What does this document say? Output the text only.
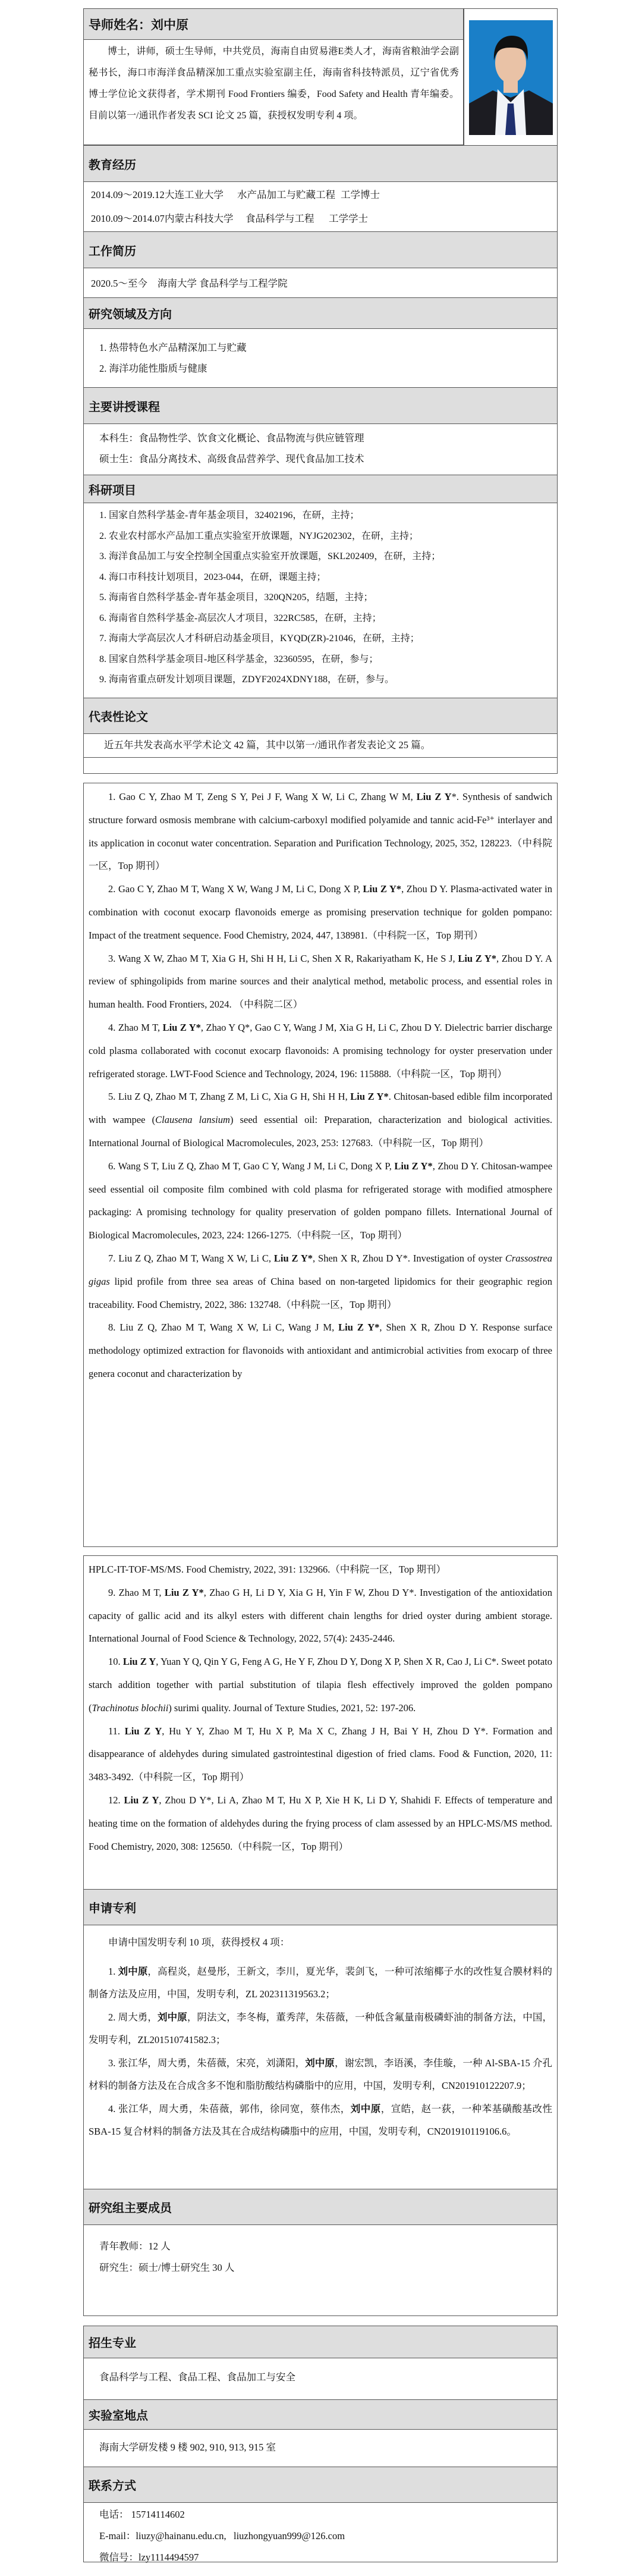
导师姓名：刘中原
博士，讲师，硕士生导师，中共党员，海南自由贸易港E类人才，海南省粮油学会副秘书长，海口市海洋食品精深加工重点实验室副主任，海南省科技特派员，辽宁省优秀博士学位论文获得者，学术期刊 Food Frontiers 编委，Food Safety and Health 青年编委。目前以第一/通讯作者发表 SCI 论文 25 篇，获授权发明专利 4 项。
教育经历
2014.09～2019.12 大连工业大学	水产品加工与贮藏工程 工学博士
2010.09～2014.07 内蒙古科技大学	食品科学与工程	工学学士
工作简历
2020.5～至今	海南大学 食品科学与工程学院
研究领域及方向
1. 热带特色水产品精深加工与贮藏
2. 海洋功能性脂质与健康
主要讲授课程
本科生：食品物性学、饮食文化概论、食品物流与供应链管理
硕士生：食品分离技术、高级食品营养学、现代食品加工技术
科研项目
1. 国家自然科学基金-青年基金项目，32402196，在研，主持；
2. 农业农村部水产品加工重点实验室开放课题，NYJG202302，在研，主持；
3. 海洋食品加工与安全控制全国重点实验室开放课题，SKL202409，在研，主持；
4. 海口市科技计划项目，2023-044，在研，课题主持；
5. 海南省自然科学基金-青年基金项目，320QN205，结题，主持；
6. 海南省自然科学基金-高层次人才项目，322RC585，在研，主持；
7. 海南大学高层次人才科研启动基金项目，KYQD(ZR)-21046，在研，主持；
8. 国家自然科学基金项目-地区科学基金，32360595，在研，参与；
9. 海南省重点研发计划项目课题，ZDYF2024XDNY188，在研，参与。
代表性论文
近五年共发表高水平学术论文 42 篇，其中以第一/通讯作者发表论文 25 篇。
1. Gao C Y, Zhao M T, Zeng S Y, Pei J F, Wang X W, Li C, Zhang W M, Liu Z Y*. Synthesis of sandwich structure forward osmosis membrane with calcium-carboxyl modified polyamide and tannic acid-Fe³⁺ interlayer and its application in coconut water concentration. Separation and Purification Technology, 2025, 352, 128223.（中科院一区，Top 期刊）
2. Gao C Y, Zhao M T, Wang X W, Wang J M, Li C, Dong X P, Liu Z Y*, Zhou D Y. Plasma-activated water in combination with coconut exocarp flavonoids emerge as promising preservation technique for golden pompano: Impact of the treatment sequence. Food Chemistry, 2024, 447, 138981.（中科院一区，Top 期刊）
3. Wang X W, Zhao M T, Xia G H, Shi H H, Li C, Shen X R, Rakariyatham K, He S J, Liu Z Y*, Zhou D Y. A review of sphingolipids from marine sources and their analytical method, metabolic process, and essential roles in human health. Food Frontiers, 2024. （中科院二区）
4. Zhao M T, Liu Z Y*, Zhao Y Q*, Gao C Y, Wang J M, Xia G H, Li C, Zhou D Y. Dielectric barrier discharge cold plasma collaborated with coconut exocarp flavonoids: A promising technology for oyster preservation under refrigerated storage. LWT-Food Science and Technology, 2024, 196: 115888.（中科院一区，Top 期刊）
5. Liu Z Q, Zhao M T, Zhang Z M, Li C, Xia G H, Shi H H, Liu Z Y*. Chitosan-based edible film incorporated with wampee (Clausena lansium) seed essential oil: Preparation, characterization and biological activities. International Journal of Biological Macromolecules, 2023, 253: 127683.（中科院一区，Top 期刊）
6. Wang S T, Liu Z Q, Zhao M T, Gao C Y, Wang J M, Li C, Dong X P, Liu Z Y*, Zhou D Y. Chitosan-wampee seed essential oil composite film combined with cold plasma for refrigerated storage with modified atmosphere packaging: A promising technology for quality preservation of golden pompano fillets. International Journal of Biological Macromolecules, 2023, 224: 1266-1275.（中科院一区，Top 期刊）
7. Liu Z Q, Zhao M T, Wang X W, Li C, Liu Z Y*, Shen X R, Zhou D Y*. Investigation of oyster Crassostrea gigas lipid profile from three sea areas of China based on non-targeted lipidomics for their geographic region traceability. Food Chemistry, 2022, 386: 132748.（中科院一区，Top 期刊）
8. Liu Z Q, Zhao M T, Wang X W, Li C, Wang J M, Liu Z Y*, Shen X R, Zhou D Y. Response surface methodology optimized extraction for flavonoids with antioxidant and antimicrobial activities from exocarp of three genera coconut and characterization by
HPLC-IT-TOF-MS/MS. Food Chemistry, 2022, 391: 132966.（中科院一区，Top 期刊）
9. Zhao M T, Liu Z Y*, Zhao G H, Li D Y, Xia G H, Yin F W, Zhou D Y*. Investigation of the antioxidation capacity of gallic acid and its alkyl esters with different chain lengths for dried oyster during ambient storage. International Journal of Food Science & Technology, 2022, 57(4): 2435-2446.
10. Liu Z Y, Yuan Y Q, Qin Y G, Feng A G, He Y F, Zhou D Y, Dong X P, Shen X R, Cao J, Li C*. Sweet potato starch addition together with partial substitution of tilapia flesh effectively improved the golden pompano (Trachinotus blochii) surimi quality. Journal of Texture Studies, 2021, 52: 197-206.
11. Liu Z Y, Hu Y Y, Zhao M T, Hu X P, Ma X C, Zhang J H, Bai Y H, Zhou D Y*. Formation and disappearance of aldehydes during simulated gastrointestinal digestion of fried clams. Food & Function, 2020, 11: 3483-3492.（中科院一区，Top 期刊）
12. Liu Z Y, Zhou D Y*, Li A, Zhao M T, Hu X P, Xie H K, Li D Y, Shahidi F. Effects of temperature and heating time on the formation of aldehydes during the frying process of clam assessed by an HPLC-MS/MS method. Food Chemistry, 2020, 308: 125650.（中科院一区，Top 期刊）
申请专利
申请中国发明专利 10 项，获得授权 4 项：
1. 刘中原，高程炎，赵曼彤，王新文，李川，夏光华，裴剑飞，一种可浓缩椰子水的改性复合膜材料的制备方法及应用，中国，发明专利，ZL 202311319563.2；
2. 周大勇，刘中原，阴法文，李冬梅，董秀萍，朱蓓薇，一种低含氟量南极磷虾油的制备方法，中国，发明专利，ZL201510741582.3；
3. 张江华，周大勇，朱蓓薇，宋亮，刘潇阳，刘中原，谢宏凯，李语溪，李佳璇，一种 Al-SBA-15 介孔材料的制备方法及在合成含多不饱和脂肪酸结构磷脂中的应用，中国，发明专利，CN201910122207.9；
4. 张江华，周大勇，朱蓓薇，郭伟，徐同宽，蔡伟杰，刘中原，宣皓，赵一荻，一种苯基磺酸基改性 SBA-15 复合材料的制备方法及其在合成结构磷脂中的应用，中国，发明专利，CN201910119106.6。
研究组主要成员
青年教师：12 人
研究生：硕士/博士研究生 30 人
招生专业
食品科学与工程、食品工程、食品加工与安全
实验室地点
海南大学研发楼 9 楼 902, 910, 913, 915 室
联系方式
电话： 15714114602
E-mail：liuzy@hainanu.edu.cn, liuzhongyuan999@126.com
微信号：lzy1114494597
